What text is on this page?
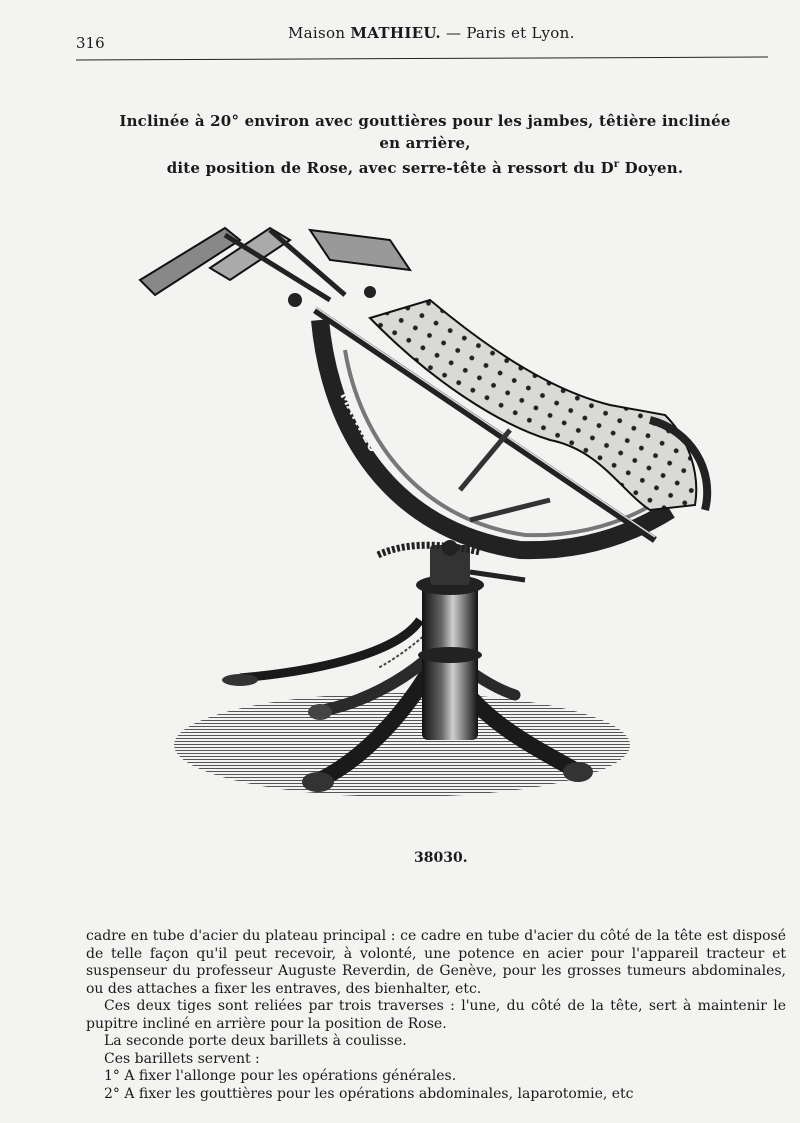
316
Maison MATHIEU. — Paris et Lyon.
Inclinée à 20° environ avec gouttières pour les jambes, têtière inclinée en arrière,
dite position de Rose, avec serre-tête à ressort du $D^r$ Doyen.
MATHIEU
38030.

cadre en tube d'acier du plateau principal : ce cadre en tube d'acier du côté de la tête est disposé de telle façon qu'il peut recevoir, à volonté, une potence en acier pour l'appareil tracteur et suspenseur du professeur Auguste Reverdin, de Genève, pour les grosses tumeurs abdominales, ou des attaches a fixer les entraves, des bienhalter, etc.

Ces deux tiges sont reliées par trois traverses : l'une, du côté de la tête, sert à maintenir le pupitre incliné en arrière pour la position de Rose.

La seconde porte deux barillets à coulisse.

Ces barillets servent :

1° A fixer l'allonge pour les opérations générales.

2° A fixer les gouttières pour les opérations abdominales, laparotomie, etc
